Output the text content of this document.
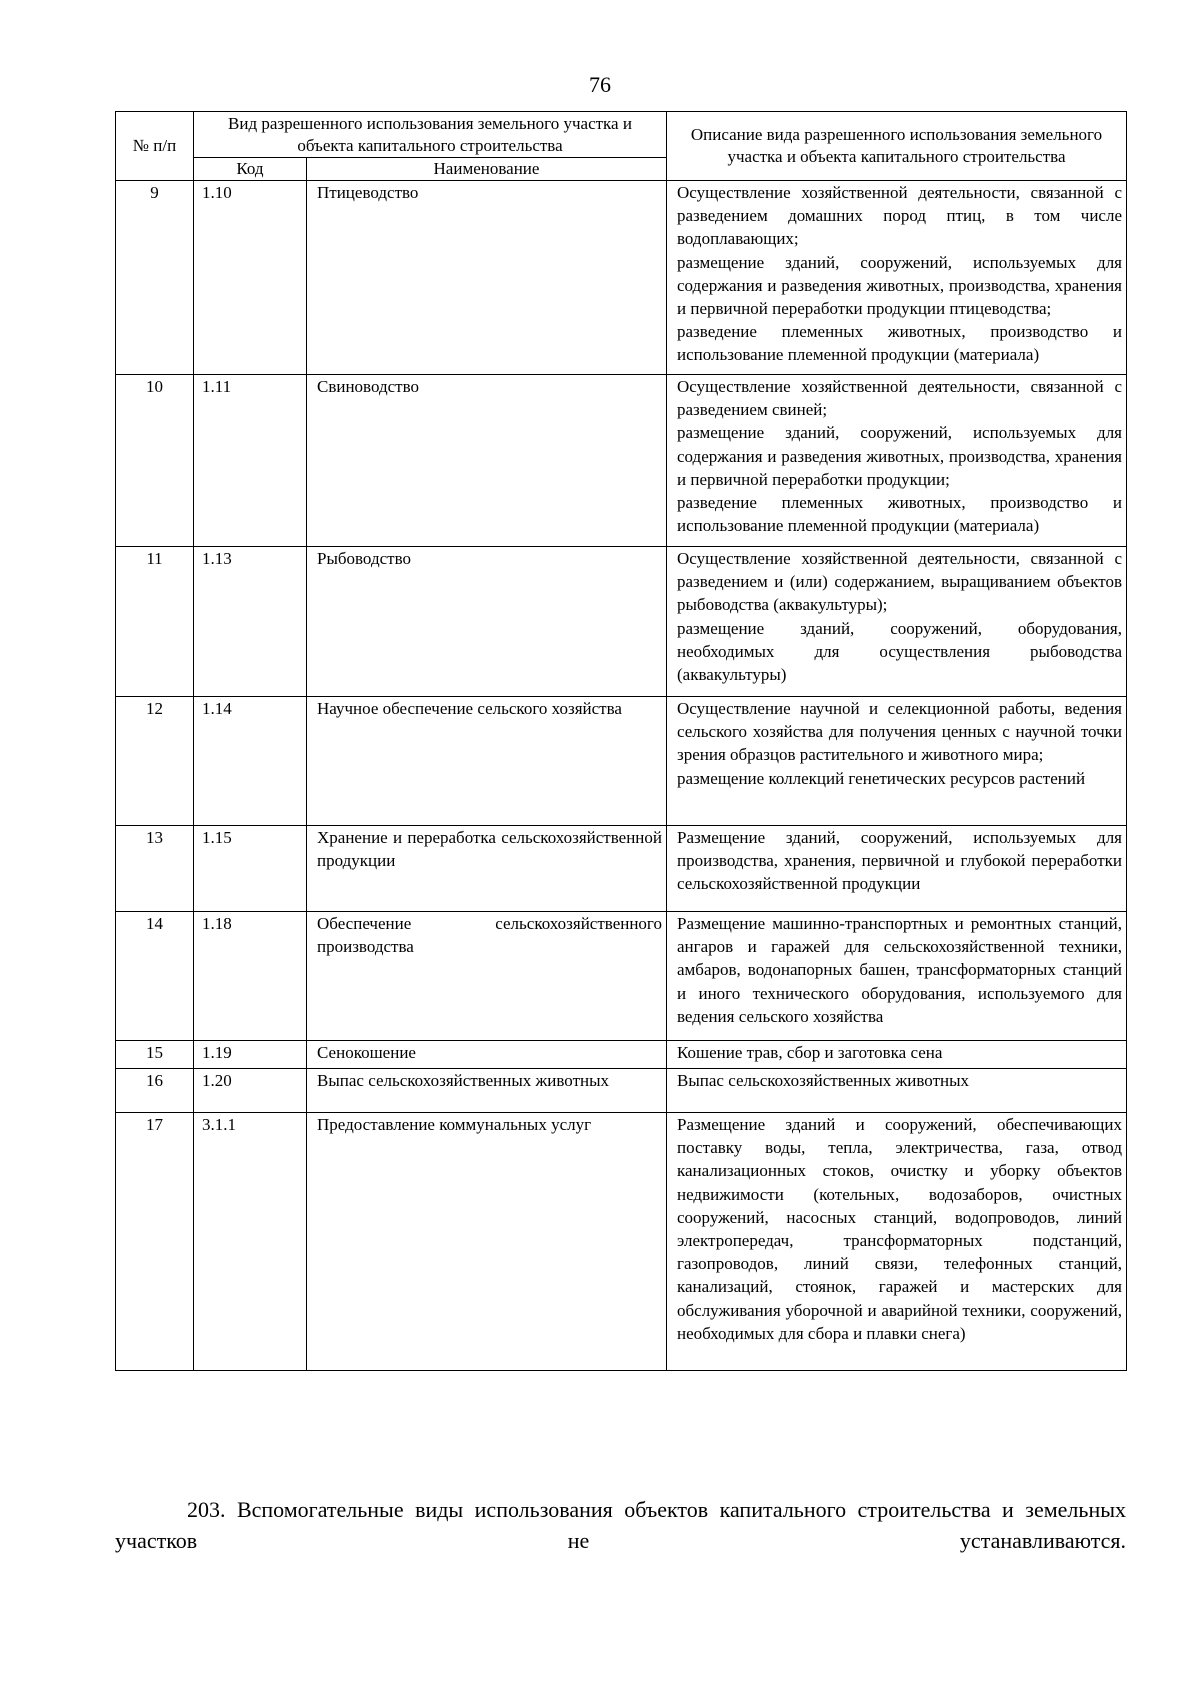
76
№ п/п	Вид разрешенного использования земельного участка и объекта капитального строительства		Описание вида разрешенного использования земельного участка и объекта капитального строительства
	Код	Наименование	
9	1.10	Птицеводство	Осуществление хозяйственной деятельности, связанной с разведением домашних пород птиц, в том числе водоплавающих;

размещение зданий, сооружений, используемых для содержания и разведения животных, производства, хранения и первичной переработки продукции птицеводства;

разведение племенных животных, производство и использование племенной продукции (материала)

10	1.11	Свиноводство	Осуществление хозяйственной деятельности, связанной с разведением свиней;

размещение зданий, сооружений, используемых для содержания и разведения животных, производства, хранения и первичной переработки продукции;

разведение племенных животных, производство и использование племенной продукции (материала)

11	1.13	Рыбоводство	Осуществление хозяйственной деятельности, связанной с разведением и (или) содержанием, выращиванием объектов рыбоводства (аквакультуры);

размещение зданий, сооружений, оборудования, необходимых для осуществления рыбоводства (аквакультуры)

12	1.14	Научное обеспечение сельского хозяйства	Осуществление научной и селекционной работы, ведения сельского хозяйства для получения ценных с научной точки зрения образцов растительного и животного мира;

размещение коллекций генетических ресурсов растений

13	1.15	Хранение и переработка сельскохозяйственной продукции	Размещение зданий, сооружений, используемых для производства, хранения, первичной и глубокой переработки сельскохозяйственной продукции

14	1.18	Обеспечение сельскохозяйственного производства	Размещение машинно-транспортных и ремонтных станций, ангаров и гаражей для сельскохозяйственной техники, амбаров, водонапорных башен, трансформаторных станций и иного технического оборудования, используемого для ведения сельского хозяйства

15	1.19	Сенокошение	Кошение трав, сбор и заготовка сена

16	1.20	Выпас сельскохозяйственных животных	Выпас сельскохозяйственных животных

17	3.1.1	Предоставление коммунальных услуг	Размещение зданий и сооружений, обеспечивающих поставку воды, тепла, электричества, газа, отвод канализационных стоков, очистку и уборку объектов недвижимости (котельных, водозаборов, очистных сооружений, насосных станций, водопроводов, линий электропередач, трансформаторных подстанций, газопроводов, линий связи, телефонных станций, канализаций, стоянок, гаражей и мастерских для обслуживания уборочной и аварийной техники, сооружений, необходимых для сбора и плавки снега)

203. Вспомогательные виды использования объектов капитального строительства и земельных участков не устанавливаются.
